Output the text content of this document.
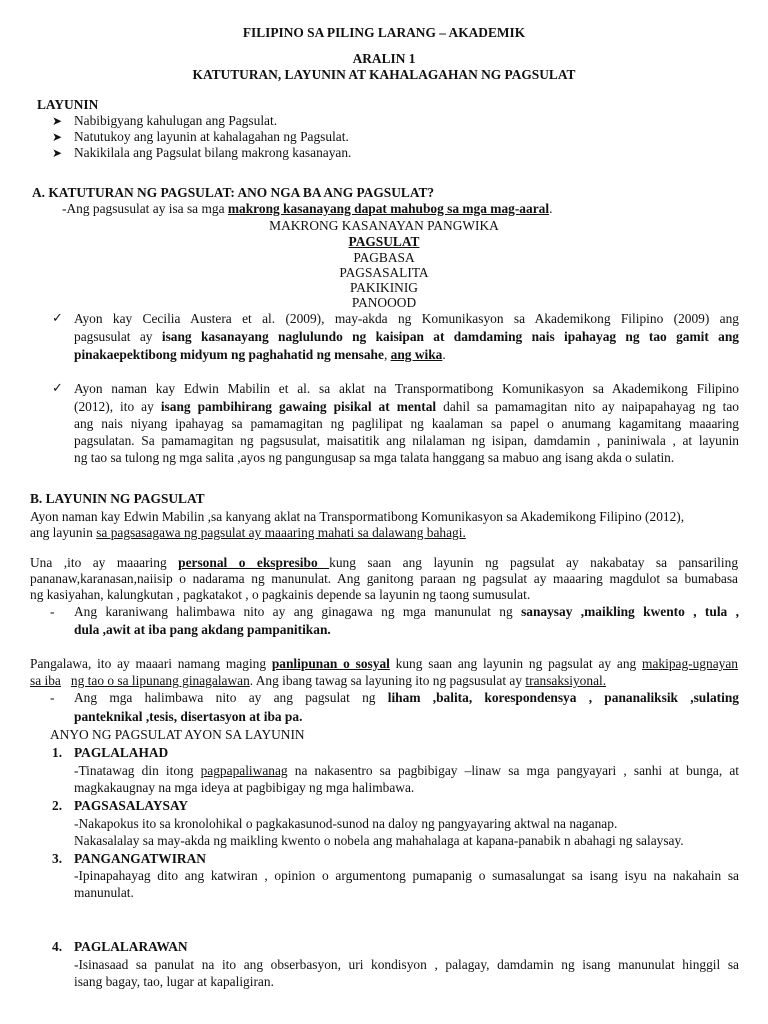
FILIPINO SA PILING LARANG – AKADEMIK
ARALIN 1
KATUTURAN, LAYUNIN AT KAHALAGAHAN NG PAGSULAT
LAYUNIN
➤ Nabibigyang kahulugan ang Pagsulat.
➤ Natutukoy ang layunin at kahalagahan ng Pagsulat.
➤ Nakikilala ang Pagsulat bilang makrong kasanayan.
A. KATUTURAN NG PAGSULAT: ANO NGA BA ANG PAGSULAT?
-Ang pagsusulat ay isa sa mga makrong kasanayang dapat mahubog sa mga mag-aaral.
MAKRONG KASANAYAN PANGWIKA
PAGSULAT
PAGBASA
PAGSASALITA
PAKIKINIG
PANOOOD
✓ Ayon kay Cecilia Austera et al. (2009), may-akda ng Komunikasyon sa Akademikong Filipino (2009) ang
pagsusulat ay isang kasanayang naglulundo ng kaisipan at damdaming nais ipahayag ng tao gamit ang
pinakaepektibong midyum ng paghahatid ng mensahe, ang wika.
✓ Ayon naman kay Edwin Mabilin et al. sa aklat na Transpormatibong Komunikasyon sa Akademikong Filipino
(2012), ito ay isang pambihirang gawaing pisikal at mental dahil sa pamamagitan nito ay naipapahayag ng tao
ang nais niyang ipahayag sa pamamagitan ng paglilipat ng kaalaman sa papel o anumang kagamitang maaaring
pagsulatan. Sa pamamagitan ng pagsusulat, maisatitik ang nilalaman ng isipan, damdamin , paniniwala , at layunin
ng tao sa tulong ng mga salita ,ayos ng pangungusap sa mga talata hanggang sa mabuo ang isang akda o sulatin.
B. LAYUNIN NG PAGSULAT
Ayon naman kay Edwin Mabilin ,sa kanyang aklat na Transpormatibong Komunikasyon sa Akademikong Filipino (2012),
ang layunin sa pagsasagawa ng pagsulat ay maaaring mahati sa dalawang bahagi.
Una ,ito ay maaaring personal o ekspresibo kung saan ang layunin ng pagsulat ay nakabatay sa pansariling
pananaw,karanasan,naiisip o nadarama ng manunulat. Ang ganitong paraan ng pagsulat ay maaaring magdulot sa bumabasa
ng kasiyahan, kalungkutan , pagkatakot , o pagkainis depende sa layunin ng taong sumusulat.
- Ang karaniwang halimbawa nito ay ang ginagawa ng mga manunulat ng sanaysay ,maikling kwento , tula ,
dula ,awit at iba pang akdang pampanitikan.
Pangalawa, ito ay maaari namang maging panlipunan o sosyal kung saan ang layunin ng pagsulat ay ang makipag-ugnayan
sa iba ng tao o sa lipunang ginagalawan. Ang ibang tawag sa layuning ito ng pagsusulat ay transaksiyonal.
- Ang mga halimbawa nito ay ang pagsulat ng liham ,balita, korespondensya , pananaliksik ,sulating
panteknikal ,tesis, disertasyon at iba pa.
ANYO NG PAGSULAT AYON SA LAYUNIN
1. PAGLALAHAD
-Tinatawag din itong pagpapaliwanag na nakasentro sa pagbibigay –linaw sa mga pangyayari , sanhi at bunga, at
magkakaugnay na mga ideya at pagbibigay ng mga halimbawa.
2. PAGSASALAYSAY
-Nakapokus ito sa kronolohikal o pagkakasunod-sunod na daloy ng pangyayaring aktwal na naganap.
Nakasalalay sa may-akda ng maikling kwento o nobela ang mahahalaga at kapana-panabik n abahagi ng salaysay.
3. PANGANGATWIRAN
-Ipinapahayag dito ang katwiran , opinion o argumentong pumapanig o sumasalungat sa isang isyu na nakahain sa
manunulat.
4. PAGLALARAWAN
-Isinasaad sa panulat na ito ang obserbasyon, uri kondisyon , palagay, damdamin ng isang manunulat hinggil sa
isang bagay, tao, lugar at kapaligiran.
